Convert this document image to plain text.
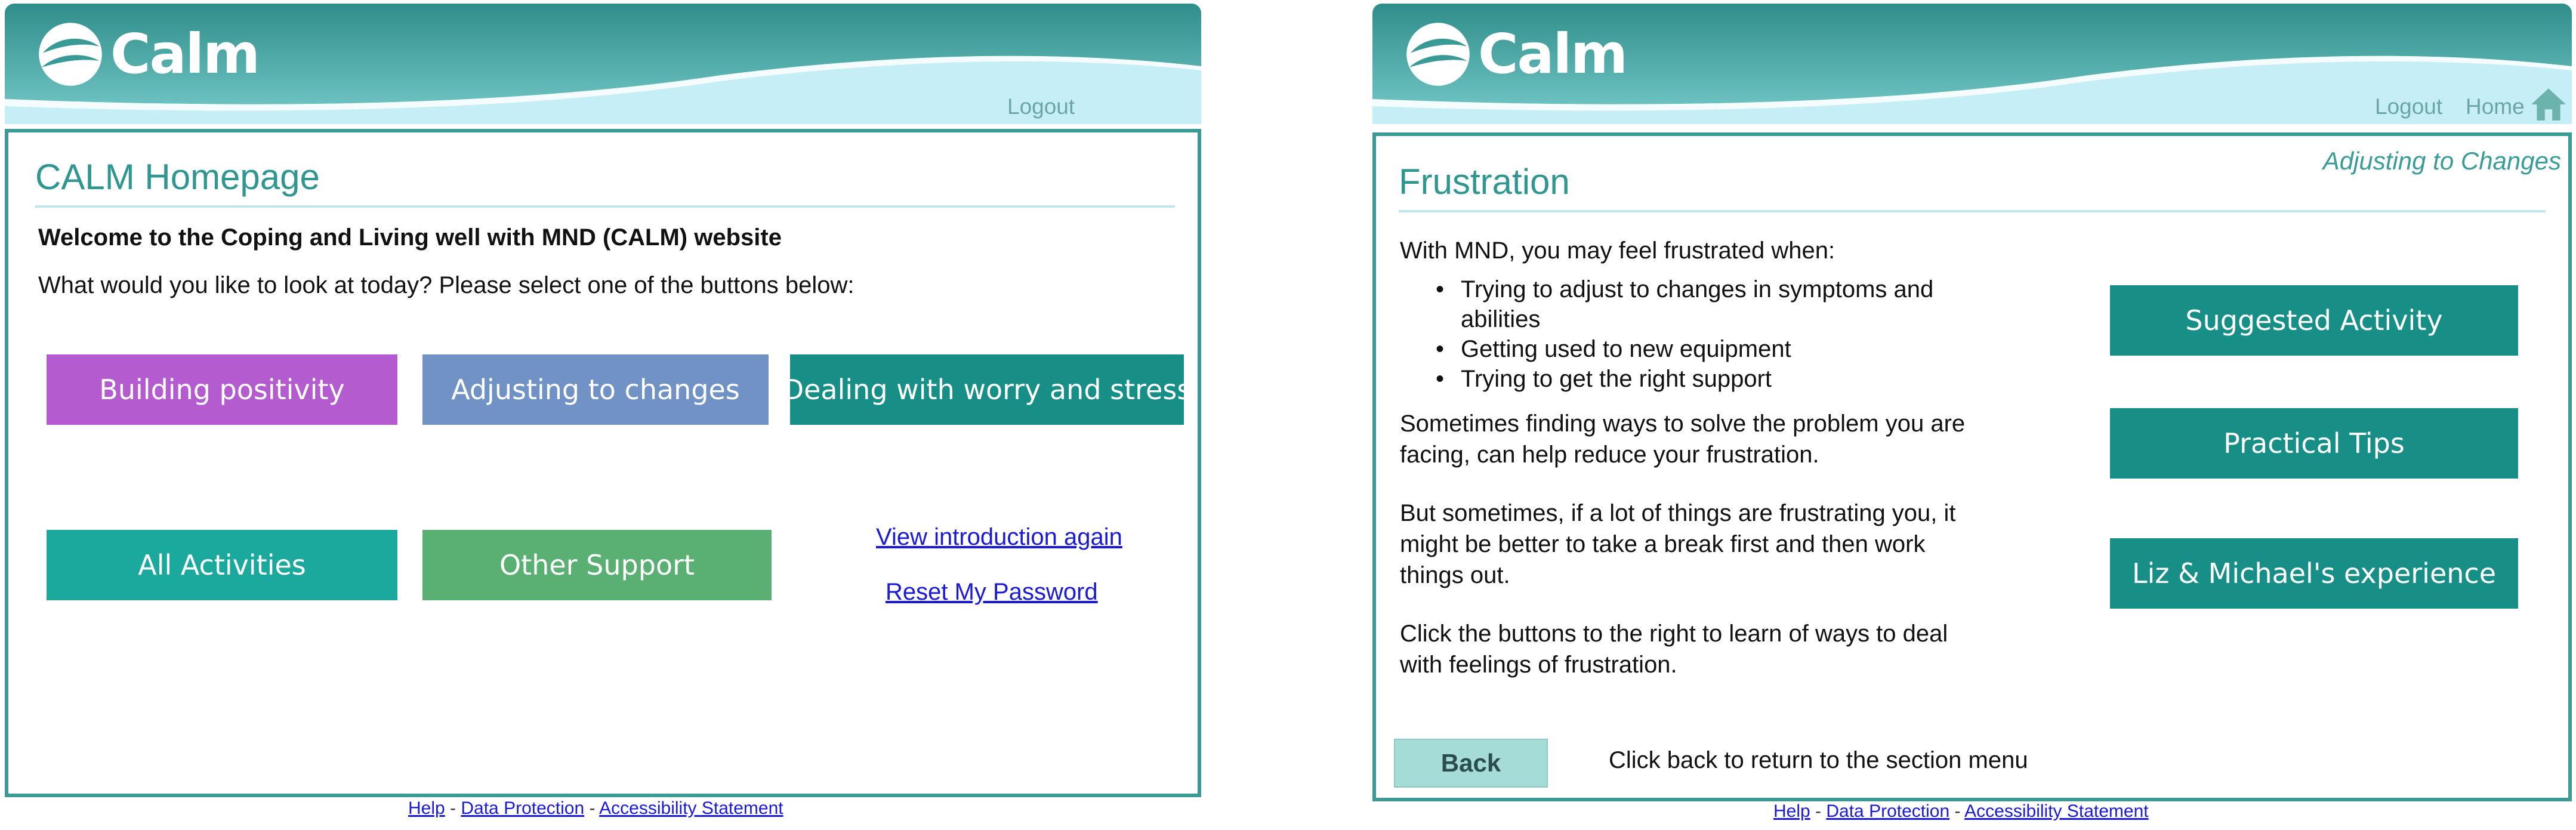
Calm
Logout
CALM Homepage
Welcome to the Coping and Living well with MND (CALM) website
What would you like to look at today? Please select one of the buttons below:
Building positivity	Adjusting to changes	Dealing with worry and stress
All Activities	Other Support
View introduction again
Reset My Password
Help - Data Protection - Accessibility Statement
Calm
Logout Home
Adjusting to Changes
Frustration
With MND, you may feel frustrated when:
• Trying to adjust to changes in symptoms and
abilities
• Getting used to new equipment
• Trying to get the right support
Sometimes finding ways to solve the problem you are
facing, can help reduce your frustration.
But sometimes, if a lot of things are frustrating you, it
might be better to take a break first and then work
things out.
Click the buttons to the right to learn of ways to deal
with feelings of frustration.
Suggested Activity
Practical Tips
Liz & Michael's experience
Back	Click back to return to the section menu
Help - Data Protection - Accessibility Statement
